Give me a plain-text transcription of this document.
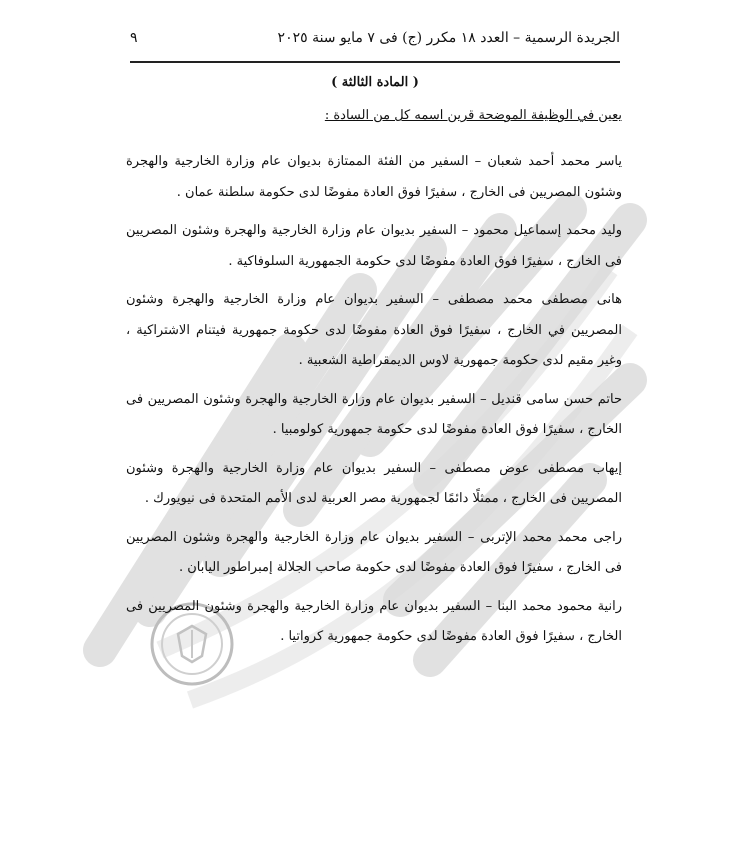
الجريدة الرسمية – العدد ١٨ مكرر (ج) فى ٧ مايو سنة ٢٠٢٥
٩
( المادة الثالثة )
يعين في الوظيفة الموضحة قرين اسمه كل من السادة :

ياسر محمد أحمد شعبان – السفير من الفئة الممتازة بديوان عام وزارة الخارجية والهجرة وشئون المصريين فى الخارج ، سفيرًا فوق العادة مفوضًا لدى حكومة سلطنة عمان .

وليد محمد إسماعيل محمود – السفير بديوان عام وزارة الخارجية والهجرة وشئون المصريين فى الخارج ، سفيرًا فوق العادة مفوضًا لدى حكومة الجمهورية السلوفاكية .

هانى مصطفى محمد مصطفى – السفير بديوان عام وزارة الخارجية والهجرة وشئون المصريين في الخارج ، سفيرًا فوق العادة مفوضًا لدى حكومة جمهورية فيتنام الاشتراكية ، وغير مقيم لدى حكومة جمهورية لاوس الديمقراطية الشعبية .

حاتم حسن سامى قنديل – السفير بديوان عام وزارة الخارجية والهجرة وشئون المصريين فى الخارج ، سفيرًا فوق العادة مفوضًا لدى حكومة جمهورية كولومبيا .

إيهاب مصطفى عوض مصطفى – السفير بديوان عام وزارة الخارجية والهجرة وشئون المصريين فى الخارج ، ممثلًا دائمًا لجمهورية مصر العربية لدى الأمم المتحدة فى نيويورك .

راجى محمد محمد الإتربى – السفير بديوان عام وزارة الخارجية والهجرة وشئون المصريين فى الخارج ، سفيرًا فوق العادة مفوضًا لدى حكومة صاحب الجلالة إمبراطور اليابان .

رانية محمود محمد البنا – السفير بديوان عام وزارة الخارجية والهجرة وشئون المصريين فى الخارج ، سفيرًا فوق العادة مفوضًا لدى حكومة جمهورية كرواتيا .
